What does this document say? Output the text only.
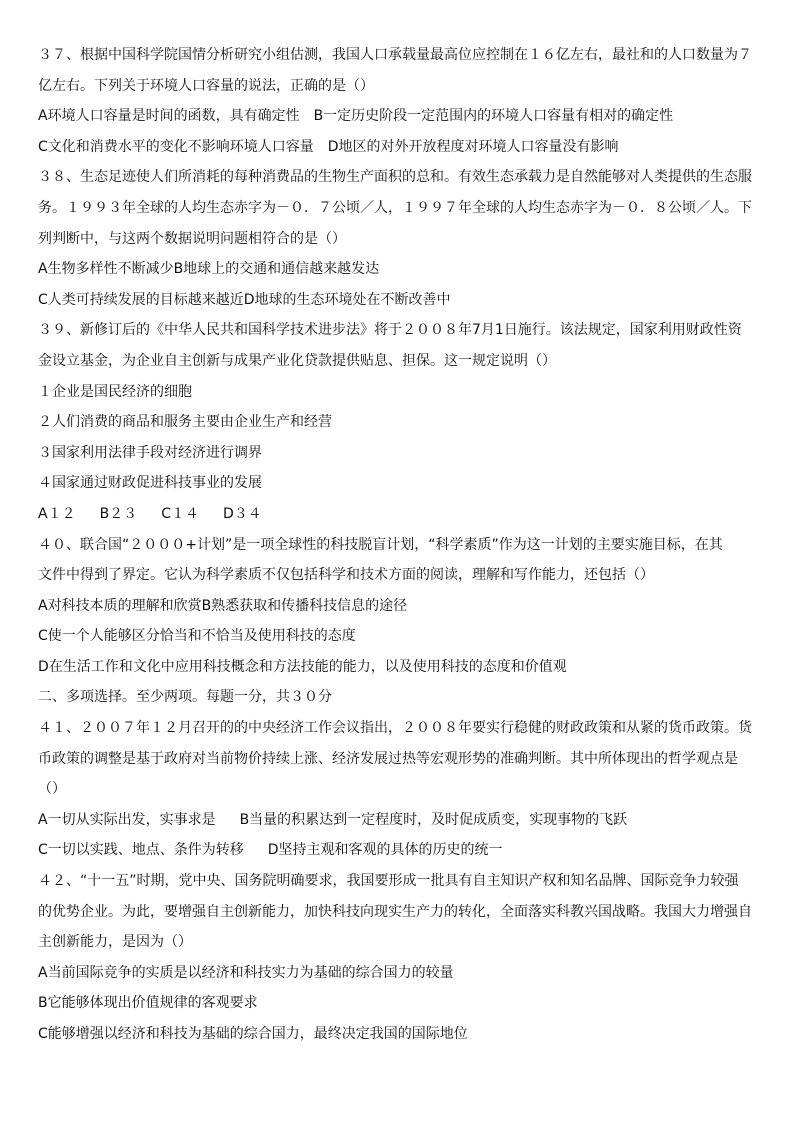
３７、根据中国科学院国情分析研究小组估测，我国人口承载量最高位应控制在１６亿左右，最社和的人口数量为７
亿左右。下列关于环境人口容量的说法，正确的是（）
A环境人口容量是时间的函数，具有确定性 B一定历史阶段一定范围内的环境人口容量有相对的确定性
C文化和消费水平的变化不影响环境人口容量 D地区的对外开放程度对环境人口容量没有影响
３８、生态足迹使人们所消耗的每种消费品的生物生产面积的总和。有效生态承载力是自然能够对人类提供的生态服
务。１９９３年全球的人均生态赤字为－０．７公顷／人，１９９７年全球的人均生态赤字为－０．８公顷／人。下
列判断中，与这两个数据说明问题相符合的是（）
A生物多样性不断减少B地球上的交通和通信越来越发达
C人类可持续发展的目标越来越近D地球的生态环境处在不断改善中
３９、新修订后的《中华人民共和国科学技术进步法》将于２００８年7月1日施行。该法规定，国家利用财政性资
金设立基金，为企业自主创新与成果产业化贷款提供贴息、担保。这一规定说明（）
１企业是国民经济的细胞
２人们消费的商品和服务主要由企业生产和经营
３国家利用法律手段对经济进行调界
４国家通过财政促进科技事业的发展
A１２ B２３ C１４ D３４
４０、联合国“２０００+计划”是一项全球性的科技脱盲计划，“科学素质”作为这一计划的主要实施目标，在其
文件中得到了界定。它认为科学素质不仅包括科学和技术方面的阅读，理解和写作能力，还包括（）
A对科技本质的理解和欣赏B熟悉获取和传播科技信息的途径
C使一个人能够区分恰当和不恰当及使用科技的态度
D在生活工作和文化中应用科技概念和方法技能的能力，以及使用科技的态度和价值观
二、多项选择。至少两项。每题一分，共３０分
４１、２００７年１２月召开的的中央经济工作会议指出，２００８年要实行稳健的财政政策和从紧的货币政策。货
币政策的调整是基于政府对当前物价持续上涨、经济发展过热等宏观形势的准确判断。其中所体现出的哲学观点是
（）
A一切从实际出发，实事求是 B当量的积累达到一定程度时，及时促成质变，实现事物的飞跃
C一切以实践、地点、条件为转移 D坚持主观和客观的具体的历史的统一
４２、“十一五”时期，党中央、国务院明确要求，我国要形成一批具有自主知识产权和知名品牌、国际竞争力较强
的优势企业。为此，要增强自主创新能力，加快科技向现实生产力的转化，全面落实科教兴国战略。我国大力增强自
主创新能力，是因为（）
A当前国际竞争的实质是以经济和科技实力为基础的综合国力的较量
B它能够体现出价值规律的客观要求
C能够增强以经济和科技为基础的综合国力，最终决定我国的国际地位
